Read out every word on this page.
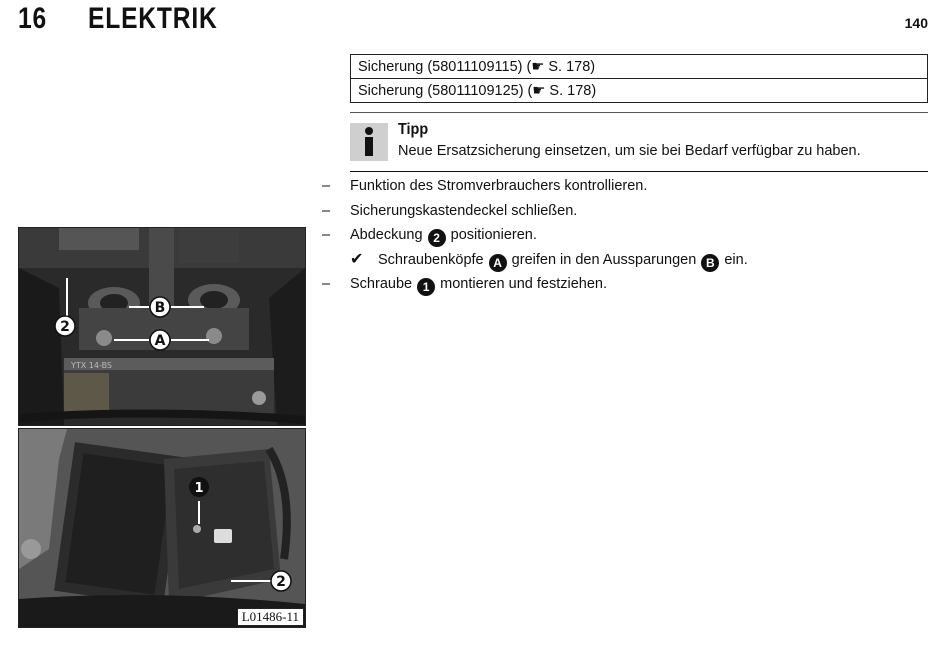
16 ELEKTRIK	140
Sicherung (58011109115) (☛ S. 178)
Sicherung (58011109125) (☛ S. 178)
Tipp
Neue Ersatzsicherung einsetzen, um sie bei Bedarf verfügbar zu haben.
–	Funktion des Stromverbrauchers kontrollieren.
–	Sicherungskastendeckel schließen.
–	Abdeckung 2 positionieren.
✔ Schraubenköpfe A greifen in den Aussparungen B ein.
–	Schraube 1 montieren und festziehen.
YTX 14-BS
B
A
2
1
2
L01486-11
